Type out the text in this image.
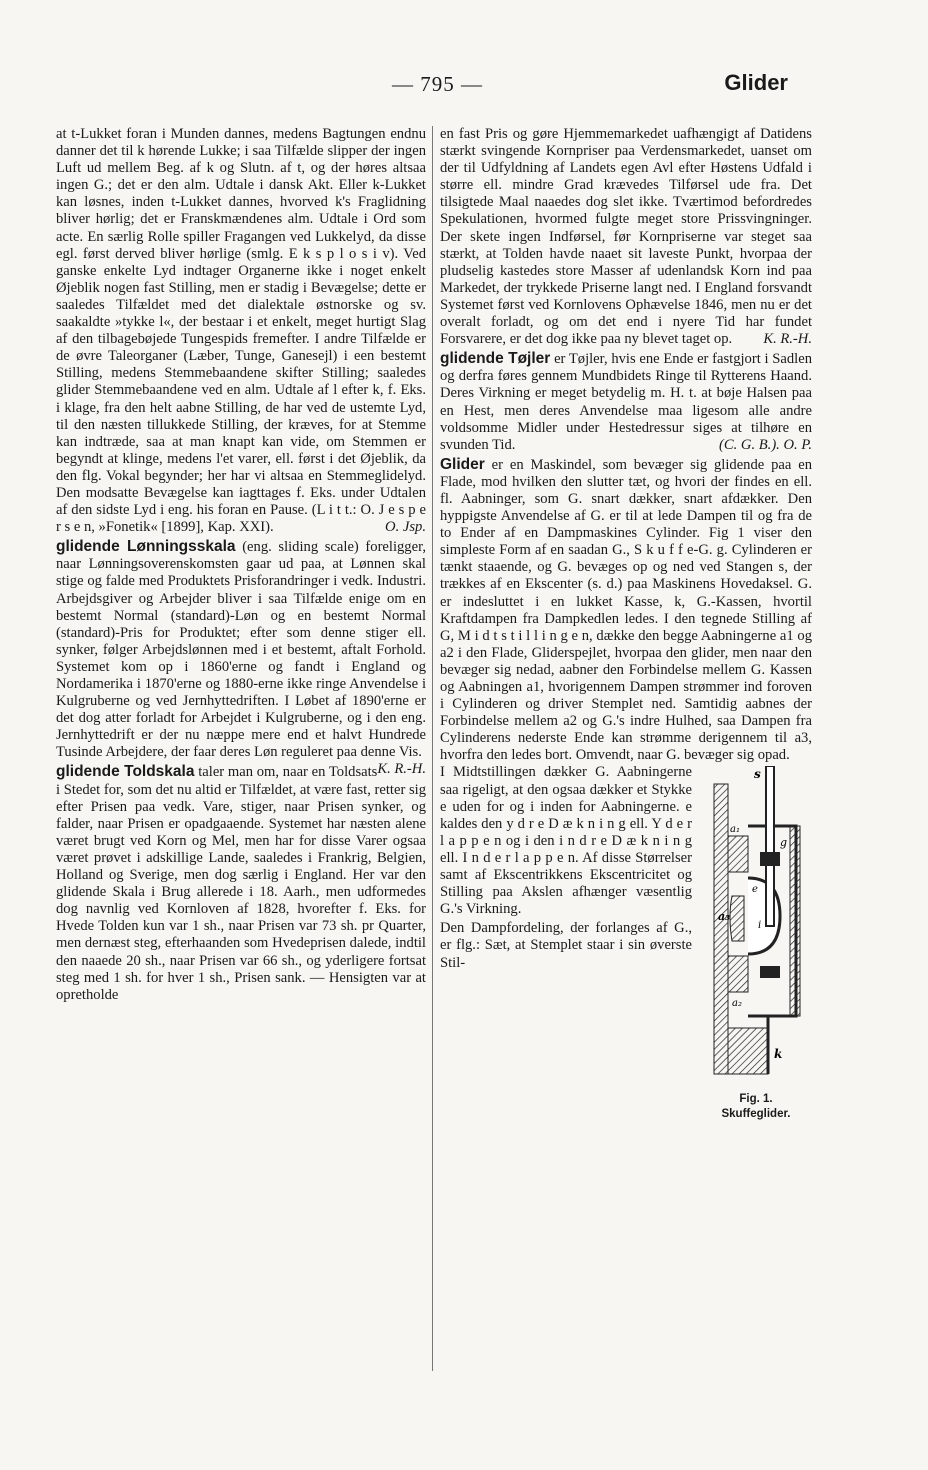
— 795 —	Glider

at t-Lukket foran i Munden dannes, medens Bagtungen endnu danner det til k hørende Lukke; i saa Tilfælde slipper der ingen Luft ud mellem Beg. af k og Slutn. af t, og der høres altsaa ingen G.; det er den alm. Udtale i dansk Akt. Eller k-Lukket kan løsnes, inden t-Lukket dannes, hvorved k's Fraglidning bliver hørlig; det er Franskmændenes alm. Udtale i Ord som acte. En særlig Rolle spiller Fragangen ved Lukkelyd, da disse egl. først derved bliver hørlige (smlg. E k s p l o s i v). Ved ganske enkelte Lyd indtager Organerne ikke i noget enkelt Øjeblik nogen fast Stilling, men er stadig i Bevægelse; dette er saaledes Tilfældet med det dialektale østnorske og sv. saakaldte »tykke l«, der bestaar i et enkelt, meget hurtigt Slag af den tilbagebøjede Tungespids fremefter. I andre Tilfælde er de øvre Taleorganer (Læber, Tunge, Ganesejl) i een bestemt Stilling, medens Stemmebaandene skifter Stilling; saaledes glider Stemmebaandene ved en alm. Udtale af l efter k, f. Eks. i klage, fra den helt aabne Stilling, de har ved de ustemte Lyd, til den næsten tillukkede Stilling, der kræves, for at Stemme kan indtræde, saa at man knapt kan vide, om Stemmen er begyndt at klinge, medens l'et varer, ell. først i det Øjeblik, da den flg. Vokal begynder; her har vi altsaa en Stemmeglidelyd. Den modsatte Bevægelse kan iagttages f. Eks. under Udtalen af den sidste Lyd i eng. his foran en Pause. (L i t t.: O. J e s p e r s e n, »Fonetik« [1899], Kap. XXI).	O. Jsp.

glidende Lønningsskala (eng. sliding scale) foreligger, naar Lønningsoverenskomsten gaar ud paa, at Lønnen skal stige og falde med Produktets Prisforandringer i vedk. Industri. Arbejdsgiver og Arbejder bliver i saa Tilfælde enige om en bestemt Normal (standard)-Løn og en bestemt Normal (standard)-Pris for Produktet; efter som denne stiger ell. synker, følger Arbejdslønnen med i et bestemt, aftalt Forhold. Systemet kom op i 1860'erne og fandt i England og Nordamerika i 1870'erne og 1880-erne ikke ringe Anvendelse i Kulgruberne og ved Jernhyttedriften. I Løbet af 1890'erne er det dog atter forladt for Arbejdet i Kulgruberne, og i den eng. Jernhyttedrift er der nu næppe mere end et halvt Hundrede Tusinde Arbejdere, der faar deres Løn reguleret paa denne Vis.
K. R.-H.

glidende Toldskala taler man om, naar en Toldsats i Stedet for, som det nu altid er Tilfældet, at være fast, retter sig efter Prisen paa vedk. Vare, stiger, naar Prisen synker, og falder, naar Prisen er opadgaaende. Systemet har næsten alene været brugt ved Korn og Mel, men har for disse Varer ogsaa været prøvet i adskillige Lande, saaledes i Frankrig, Belgien, Holland og Sverige, men dog særlig i England. Her var den glidende Skala i Brug allerede i 18. Aarh., men udformedes dog navnlig ved Kornloven af 1828, hvorefter f. Eks. for Hvede Tolden kun var 1 sh., naar Prisen var 73 sh. pr Quarter, men dernæst steg, efterhaanden som Hvedeprisen dalede, indtil den naaede 20 sh., naar Prisen var 66 sh., og yderligere fortsat steg med 1 sh. for hver 1 sh., Prisen sank. — Hensigten var at opretholde

en fast Pris og gøre Hjemmemarkedet uafhængigt af Datidens stærkt svingende Kornpriser paa Verdensmarkedet, uanset om der til Udfyldning af Landets egen Avl efter Høstens Udfald i større ell. mindre Grad krævedes Tilførsel ude fra. Det tilsigtede Maal naaedes dog slet ikke. Tværtimod befordredes Spekulationen, hvormed fulgte meget store Prissvingninger. Der skete ingen Indførsel, før Kornpriserne var steget saa stærkt, at Tolden havde naaet sit laveste Punkt, hvorpaa der pludselig kastedes store Masser af udenlandsk Korn ind paa Markedet, der trykkede Priserne langt ned. I England forsvandt Systemet først ved Kornlovens Ophævelse 1846, men nu er det overalt forladt, og om det end i nyere Tid har fundet Forsvarere, er det dog ikke paa ny blevet taget op. K. R.-H.

glidende Tøjler er Tøjler, hvis ene Ende er fastgjort i Sadlen og derfra føres gennem Mundbidets Ringe til Rytterens Haand. Deres Virkning er meget betydelig m. H. t. at bøje Halsen paa en Hest, men deres Anvendelse maa ligesom alle andre voldsomme Midler under Hestedressur siges at tilhøre en svunden Tid.	(C. G. B.). O. P.

Glider er en Maskindel, som bevæger sig glidende paa en Flade, mod hvilken den slutter tæt, og hvori der findes en ell. fl. Aabninger, som G. snart dækker, snart afdækker. Den hyppigste Anvendelse af G. er til at lede Dampen til og fra de to Ender af en Dampmaskines Cylinder. Fig 1 viser den simpleste Form af en saadan G., S k u f f e-G. g. Cylinderen er tænkt staaende, og G. bevæges op og ned ved Stangen s, der trækkes af en Ekscenter (s. d.) paa Maskinens Hovedaksel. G. er indesluttet i en lukket Kasse, k, G.-Kassen, hvortil Kraftdampen fra Dampkedlen ledes. I den tegnede Stilling af G, M i d t s t i l l i n g e n, dække den begge Aabningerne a1 og a2 i den Flade, Gliderspejlet, hvorpaa den glider, men naar den bevæger sig nedad, aabner den Forbindelse mellem G. Kassen og Aabningen a1, hvorigennem Dampen strømmer ind foroven i Cylinderen og driver Stemplet ned. Samtidig aabnes der Forbindelse mellem a2 og G.'s indre Hulhed, saa Dampen fra Cylinderens nederste Ende kan strømme derigennem til a3, hvorfra den ledes bort. Omvendt, naar G. bevæger sig opad.

s
g
a₁
a₂
a₃
i
e
k
Fig. 1.
Skuffeglider.

I Midtstillingen dækker G. Aabningerne saa rigeligt, at den ogsaa dækker et Stykke e uden for og i inden for Aabningerne. e kaldes den y d r e D æ k n i n g ell. Y d e r l a p p e n og i den i n d r e D æ k n i n g ell. I n d e r l a p p e n. Af disse Størrelser samt af Ekscentrikkens Ekscentricitet og Stilling paa Akslen afhænger væsentlig G.'s Virkning.

Den Dampfordeling, der forlanges af G., er flg.: Sæt, at Stemplet staar i sin øverste Stil-
